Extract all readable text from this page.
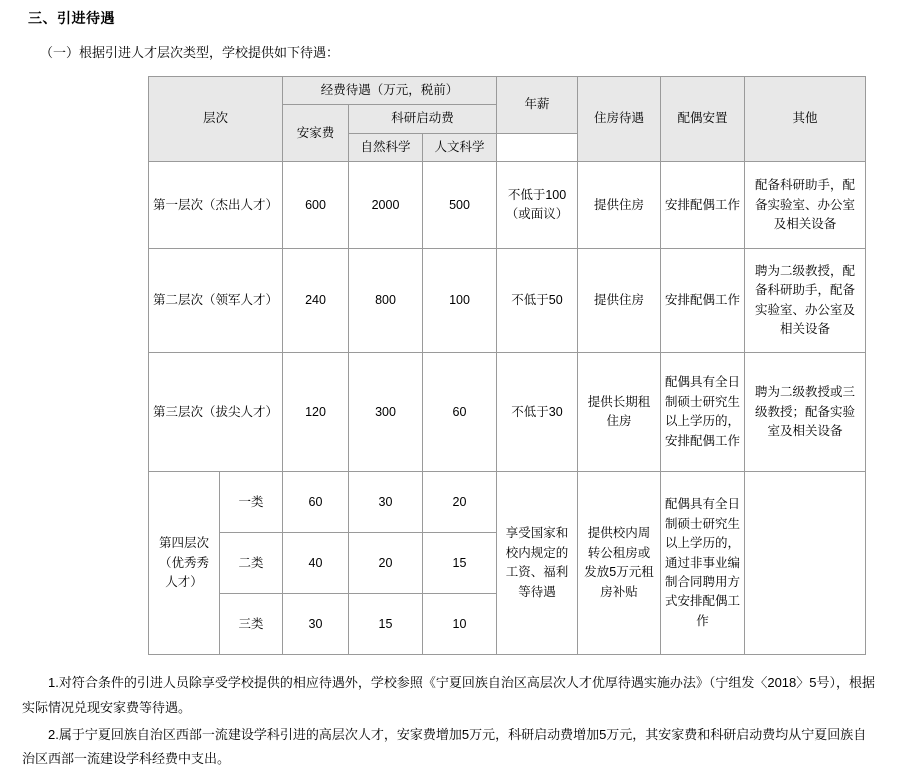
三、引进待遇
（一）根据引进人才层次类型，学校提供如下待遇：
层次		经费待遇（万元，税前）			年薪	住房待遇	配偶安置	其他
		安家费	科研启动费					
			自然科学	人文科学			
第一层次（杰出人才）		600	2000	500	不低于100（或面议）	提供住房	安排配偶工作	配备科研助手，配备实验室、办公室及相关设备
第二层次（领军人才）		240	800	100	不低于50	提供住房	安排配偶工作	聘为二级教授，配备科研助手，配备实验室、办公室及相关设备
第三层次（拔尖人才）		120	300	60	不低于30	提供长期租住房	配偶具有全日制硕士研究生以上学历的，安排配偶工作	聘为二级教授或三级教授；配备实验室及相关设备
第四层次（优秀秀人才）	一类	60	30	20	享受国家和校内规定的工资、福利等待遇	提供校内周转公租房或发放5万元租房补贴	配偶具有全日制硕士研究生以上学历的，通过非事业编制合同聘用方式安排配偶工作	
	二类	40	20	15				
	三类	30	15	10				
1.对符合条件的引进人员除享受学校提供的相应待遇外，学校参照《宁夏回族自治区高层次人才优厚待遇实施办法》（宁组发〈2018〉5号），根据实际情况兑现安家费等待遇。
2.属于宁夏回族自治区西部一流建设学科引进的高层次人才，安家费增加5万元，科研启动费增加5万元，其安家费和科研启动费均从宁夏回族自治区西部一流建设学科经费中支出。
